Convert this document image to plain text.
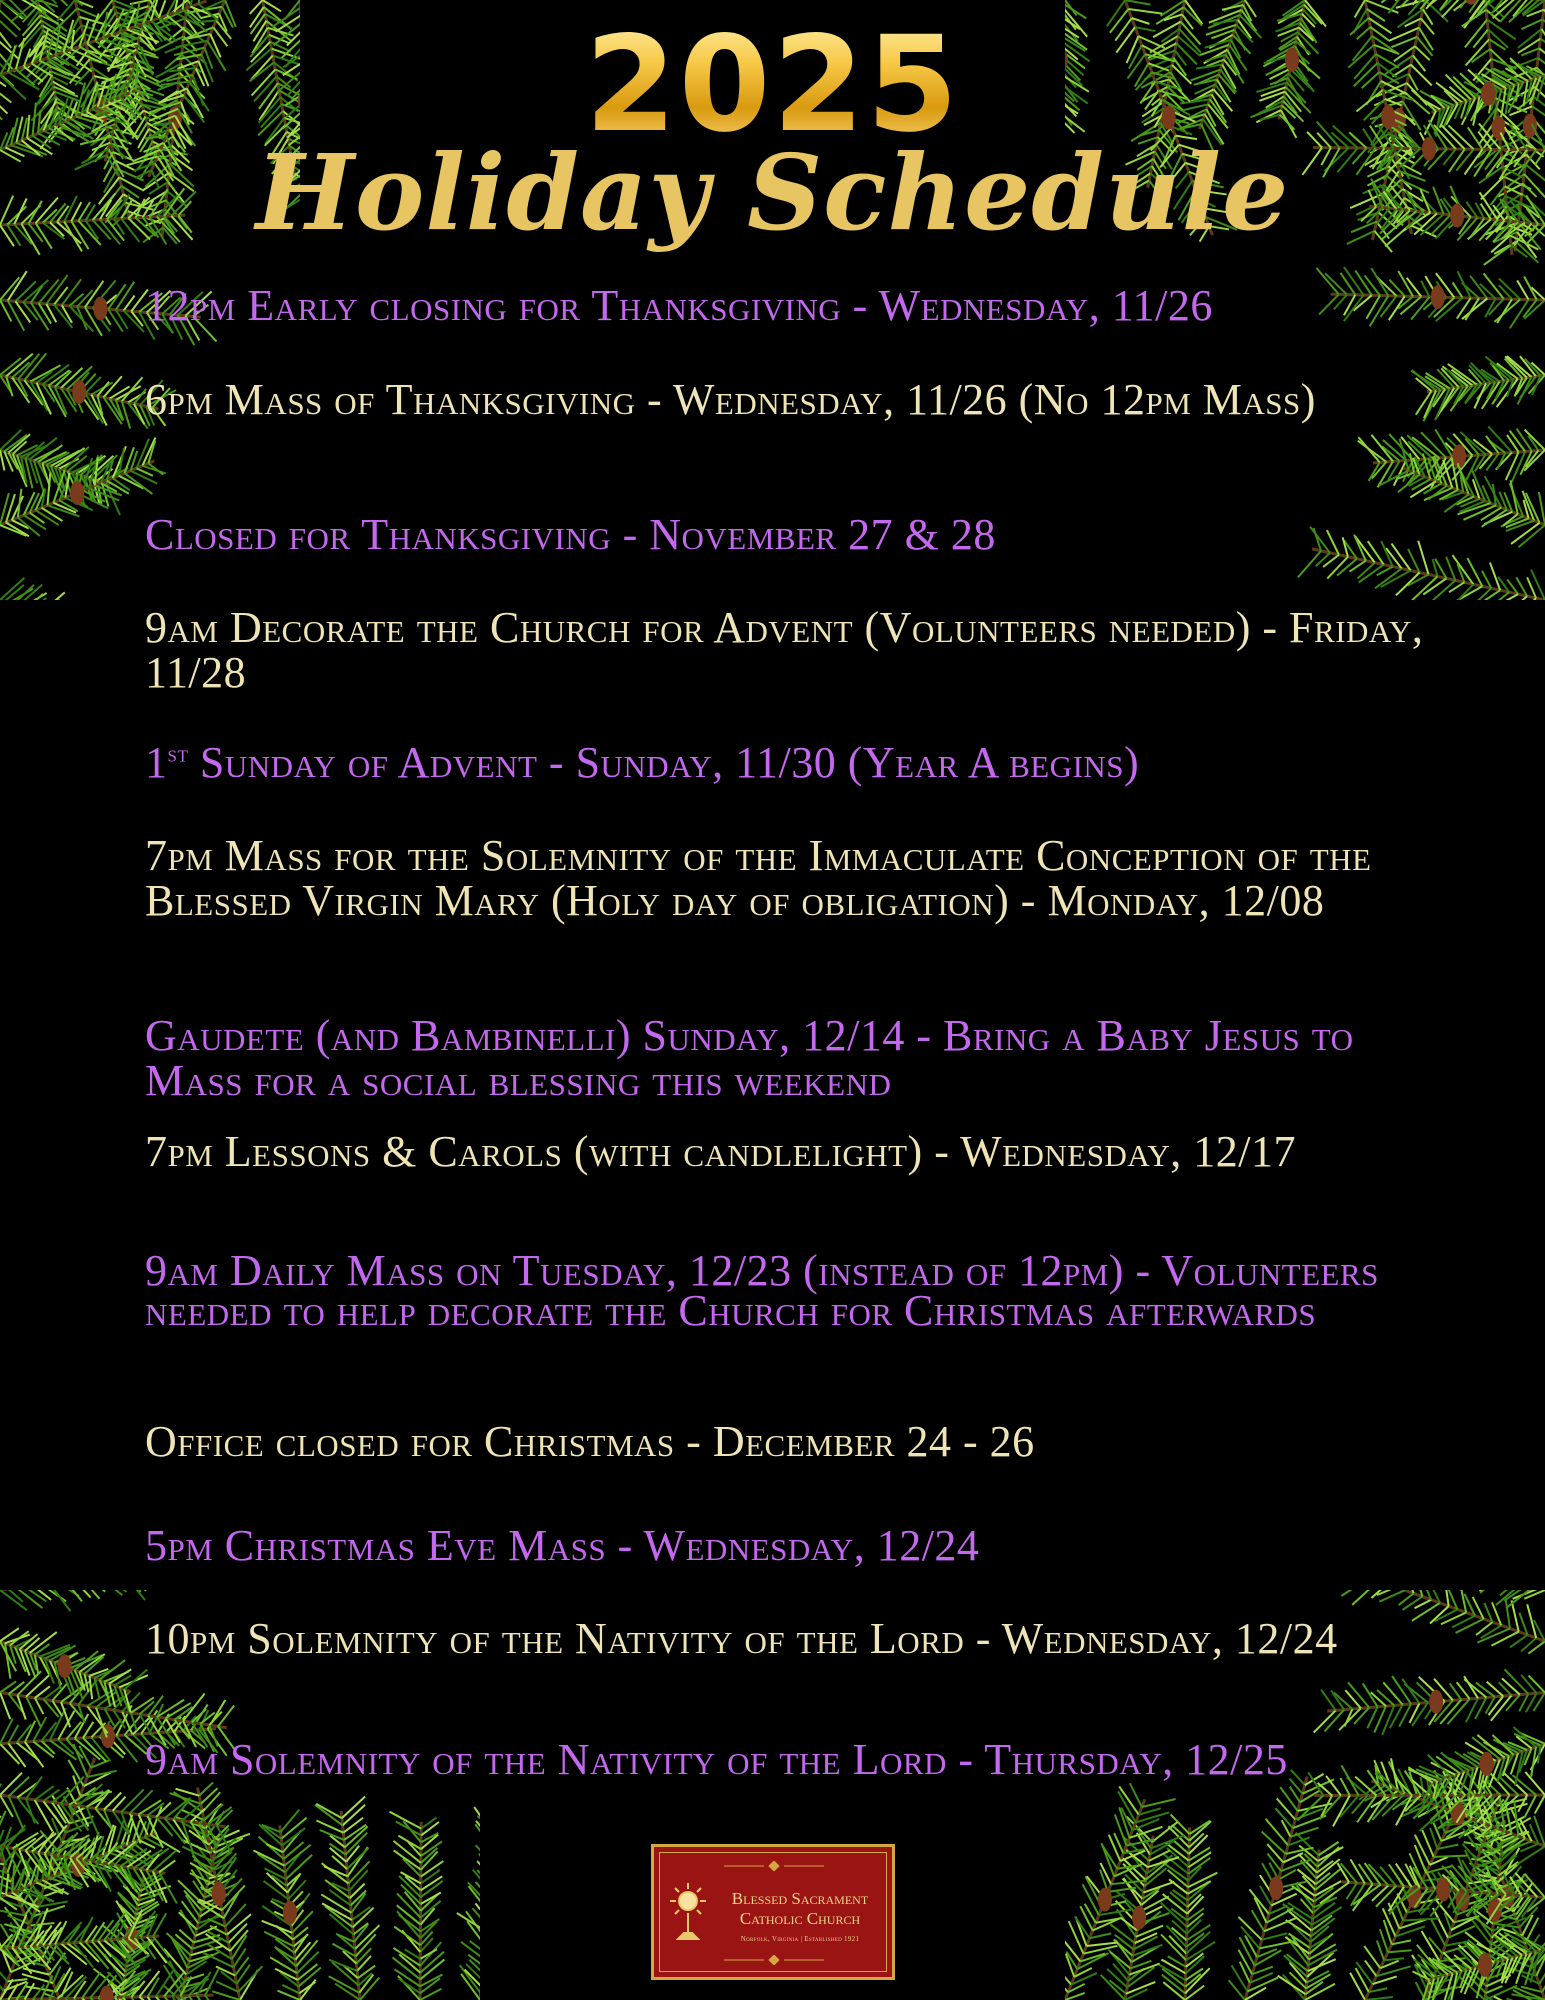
2025
Holiday Schedule
12pm Early closing for Thanksgiving - Wednesday, 11/26
6pm Mass of Thanksgiving - Wednesday, 11/26 (No 12pm Mass)
Closed for Thanksgiving - November 27 & 28
9am Decorate the Church for Advent (Volunteers needed) - Friday, 11/28
1st Sunday of Advent - Sunday, 11/30 (Year A begins)
7pm Mass for the Solemnity of the Immaculate Conception of the Blessed Virgin Mary (Holy day of obligation) - Monday, 12/08
Gaudete (and Bambinelli) Sunday, 12/14 - Bring a Baby Jesus to Mass for a social blessing this weekend
7pm Lessons & Carols (with candlelight) - Wednesday, 12/17
9am Daily Mass on Tuesday, 12/23 (instead of 12pm) - Volunteers needed to help decorate the Church for Christmas afterwards
Office closed for Christmas - December 24 - 26
5pm Christmas Eve Mass - Wednesday, 12/24
10pm Solemnity of the Nativity of the Lord - Wednesday, 12/24
9am Solemnity of the Nativity of the Lord - Thursday, 12/25
Blessed Sacrament
Catholic Church
Norfolk, Virginia | Established 1921
